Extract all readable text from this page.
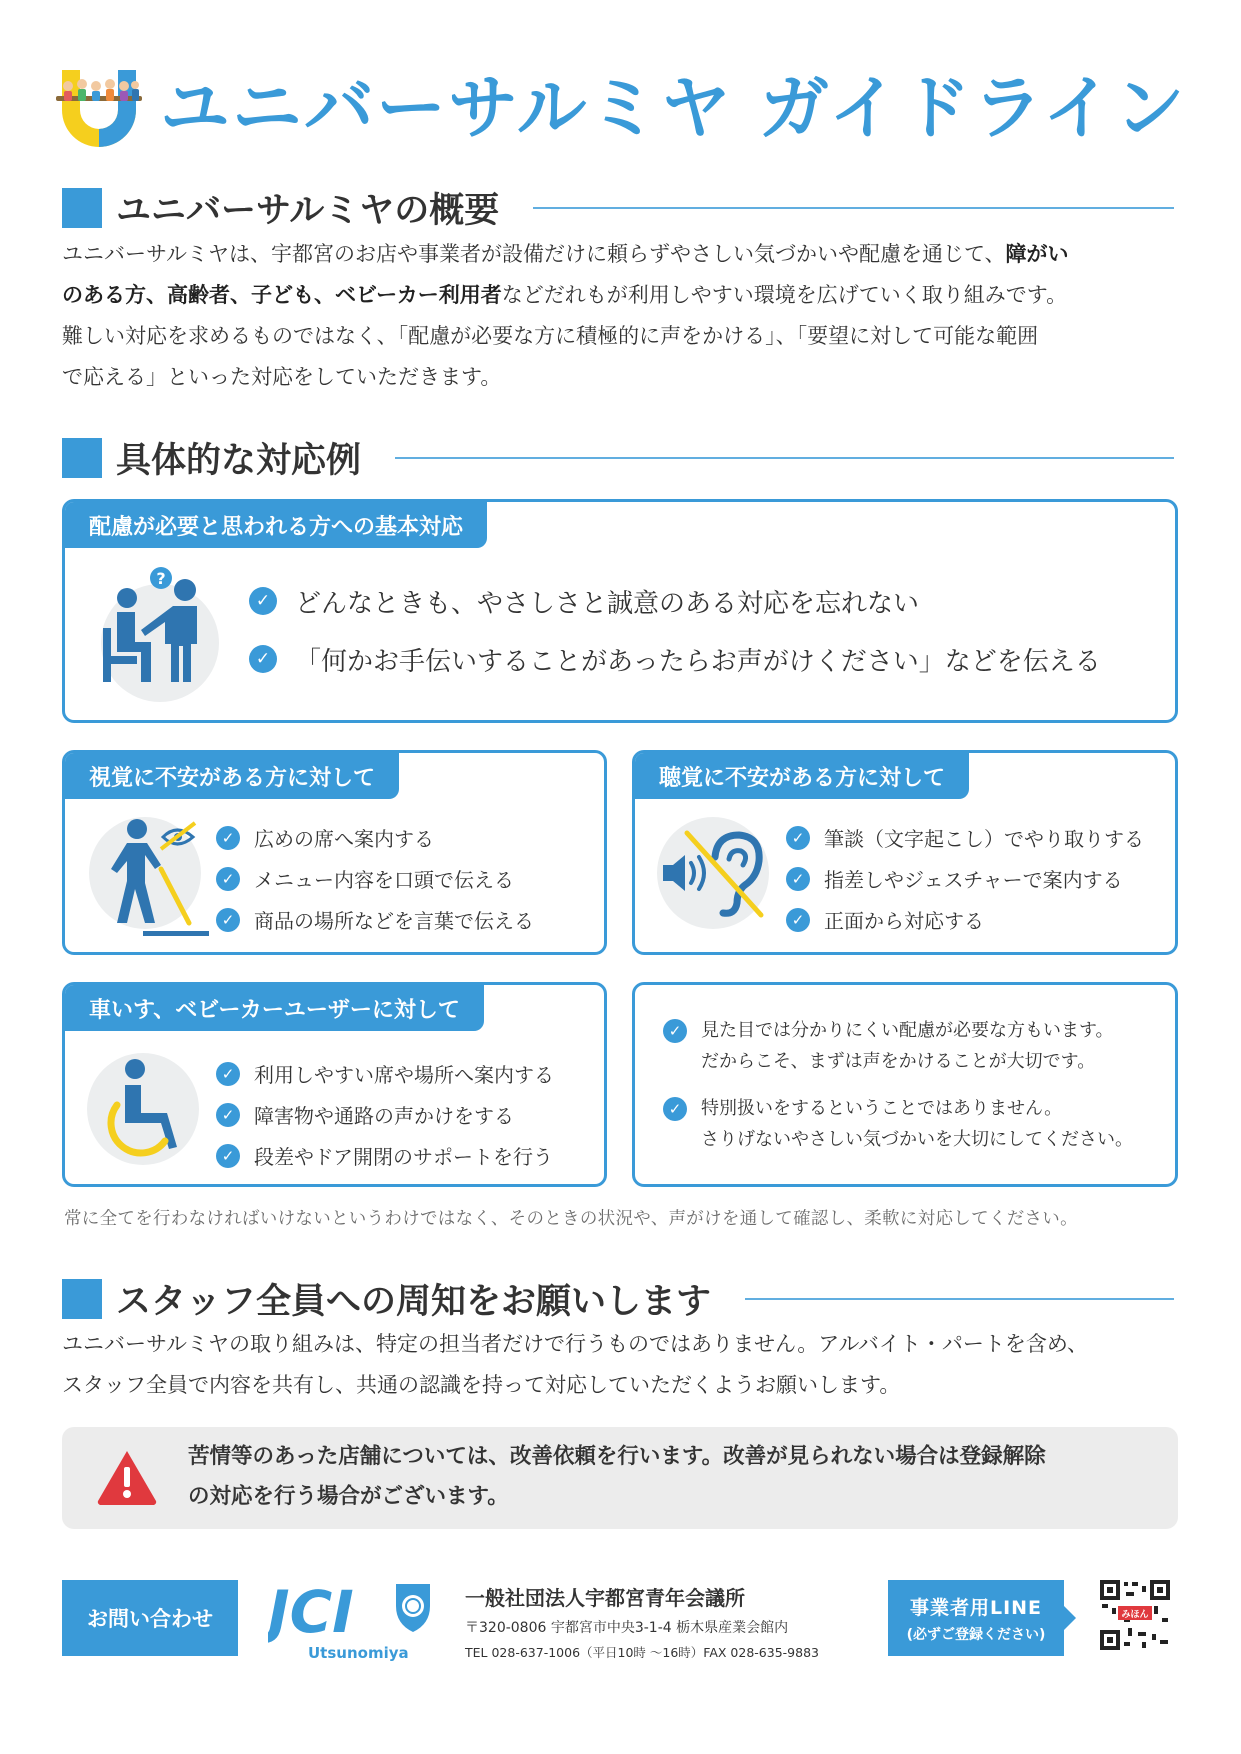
ユニバーサルミヤ ガイドライン
ユニバーサルミヤの概要
ユニバーサルミヤは、宇都宮のお店や事業者が設備だけに頼らずやさしい気づかいや配慮を通じて、障がい
のある方、高齢者、子ども、ベビーカー利用者などだれもが利用しやすい環境を広げていく取り組みです。
難しい対応を求めるものではなく、「配慮が必要な方に積極的に声をかける」、「要望に対して可能な範囲
で応える」といった対応をしていただきます。
具体的な対応例
配慮が必要と思われる方への基本対応
?
✓ どんなときも、やさしさと誠意のある対応を忘れない
✓ 「何かお手伝いすることがあったらお声がけください」などを伝える
視覚に不安がある方に対して
✓ 広めの席へ案内する
✓ メニュー内容を口頭で伝える
✓ 商品の場所などを言葉で伝える
聴覚に不安がある方に対して
✓ 筆談（文字起こし）でやり取りする
✓ 指差しやジェスチャーで案内する
✓ 正面から対応する
車いす、ベビーカーユーザーに対して
✓ 利用しやすい席や場所へ案内する
✓ 障害物や通路の声かけをする
✓ 段差やドア開閉のサポートを行う
✓	見た目では分かりにくい配慮が必要な方もいます。
だからこそ、まずは声をかけることが大切です。
✓	特別扱いをするということではありません。
さりげないやさしい気づかいを大切にしてください。
常に全てを行わなければいけないというわけではなく、そのときの状況や、声がけを通して確認し、柔軟に対応してください。
スタッフ全員への周知をお願いします
ユニバーサルミヤの取り組みは、特定の担当者だけで行うものではありません。アルバイト・パートを含め、
スタッフ全員で内容を共有し、共通の認識を持って対応していただくようお願いします。
苦情等のあった店舗については、改善依頼を行います。改善が見られない場合は登録解除
の対応を行う場合がございます。
お問い合わせ JCI
Utsunomiya
一般社団法人宇都宮青年会議所
〒320-0806 宇都宮市中央3-1-4 栃木県産業会館内
TEL 028-637-1006（平日10時 〜16時）FAX 028-635-9883
事業者用LINE
(必ずご登録ください)
みほん
